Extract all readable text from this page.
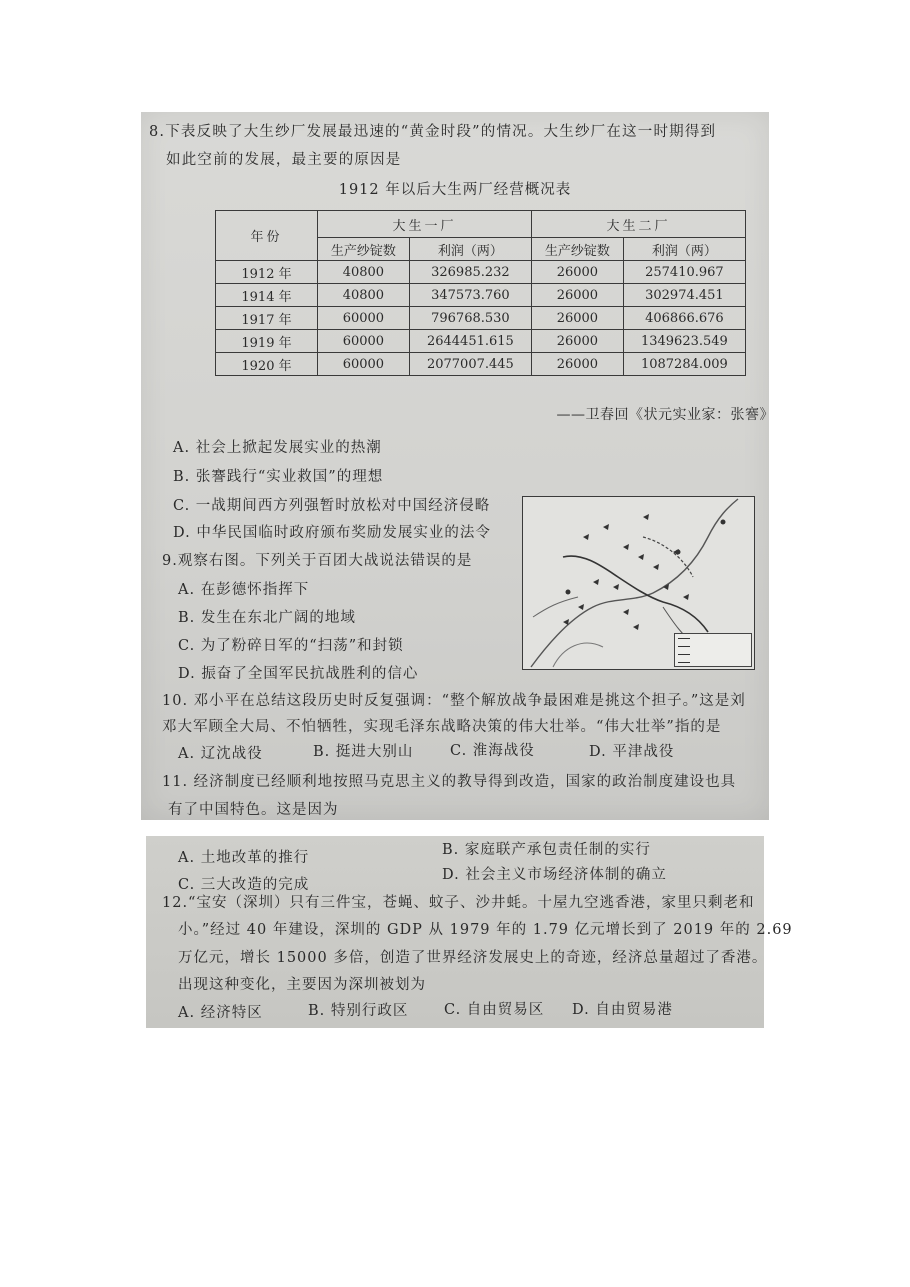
8.下表反映了大生纱厂发展最迅速的“黄金时段”的情况。大生纱厂在这一时期得到
如此空前的发展，最主要的原因是
1912 年以后大生两厂经营概况表
年份	大生一厂		大生二厂	
	生产纱锭数	利润（两）	生产纱锭数	利润（两）
1912 年	40800	326985.232	26000	257410.967
1914 年	40800	347573.760	26000	302974.451
1917 年	60000	796768.530	26000	406866.676
1919 年	60000	2644451.615	26000	1349623.549
1920 年	60000	2077007.445	26000	1087284.009
——卫春回《状元实业家：张謇》
A. 社会上掀起发展实业的热潮
B. 张謇践行“实业救国”的理想
C. 一战期间西方列强暂时放松对中国经济侵略
D. 中华民国临时政府颁布奖励发展实业的法令
9.观察右图。下列关于百团大战说法错误的是
A. 在彭德怀指挥下
B. 发生在东北广阔的地域
C. 为了粉碎日军的“扫荡”和封锁
D. 振奋了全国军民抗战胜利的信心

10. 邓小平在总结这段历史时反复强调：“整个解放战争最困难是挑这个担子。”这是刘
邓大军顾全大局、不怕牺牲，实现毛泽东战略决策的伟大壮举。“伟大壮举”指的是
A. 辽沈战役	B. 挺进大别山	C. 淮海战役	D. 平津战役
11. 经济制度已经顺利地按照马克思主义的教导得到改造，国家的政治制度建设也具
有了中国特色。这是因为
A. 土地改革的推行	B. 家庭联产承包责任制的实行
C. 三大改造的完成
D. 社会主义市场经济体制的确立
12.“宝安（深圳）只有三件宝，苍蝇、蚊子、沙井蚝。十屋九空逃香港，家里只剩老和
小。”经过 40 年建设，深圳的 GDP 从 1979 年的 1.79 亿元增长到了 2019 年的 2.69
万亿元，增长 15000 多倍，创造了世界经济发展史上的奇迹，经济总量超过了香港。
出现这种变化，主要因为深圳被划为
A. 经济特区	B. 特别行政区 C. 自由贸易区 D. 自由贸易港
